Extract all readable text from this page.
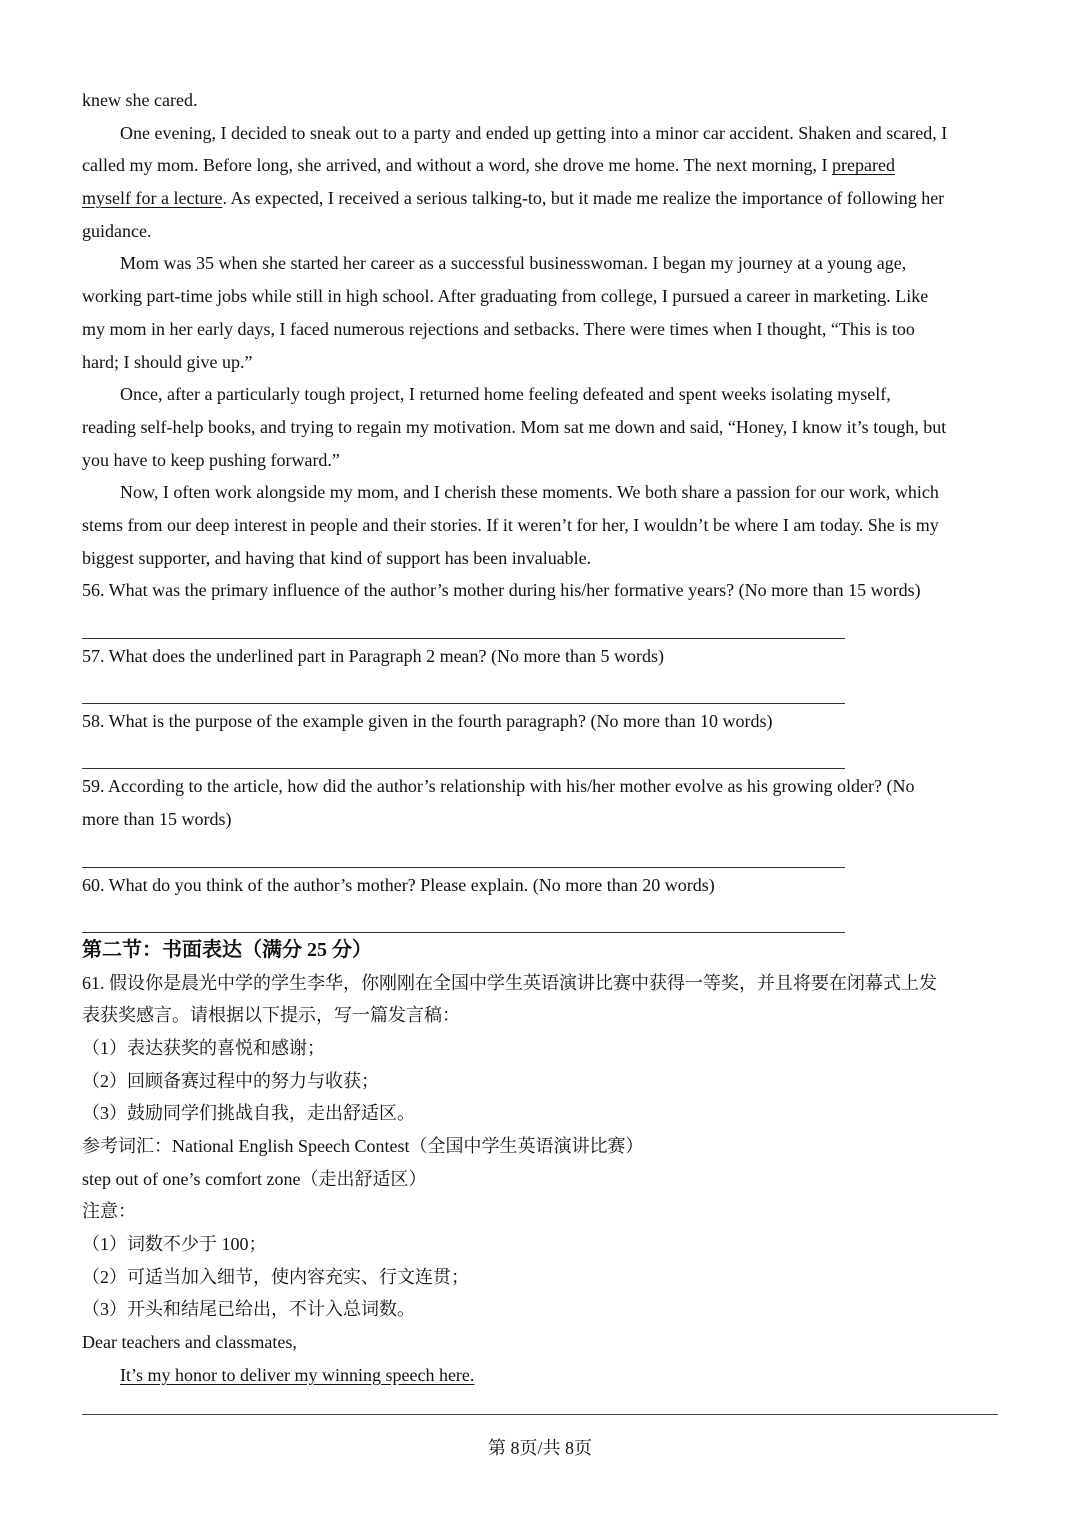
knew she cared.
One evening, I decided to sneak out to a party and ended up getting into a minor car accident. Shaken and scared, I
called my mom. Before long, she arrived, and without a word, she drove me home. The next morning, I prepared
myself for a lecture. As expected, I received a serious talking-to, but it made me realize the importance of following her
guidance.
Mom was 35 when she started her career as a successful businesswoman. I began my journey at a young age,
working part-time jobs while still in high school. After graduating from college, I pursued a career in marketing. Like
my mom in her early days, I faced numerous rejections and setbacks. There were times when I thought, “This is too
hard; I should give up.”
Once, after a particularly tough project, I returned home feeling defeated and spent weeks isolating myself,
reading self-help books, and trying to regain my motivation. Mom sat me down and said, “Honey, I know it’s tough, but
you have to keep pushing forward.”
Now, I often work alongside my mom, and I cherish these moments. We both share a passion for our work, which
stems from our deep interest in people and their stories. If it weren’t for her, I wouldn’t be where I am today. She is my
biggest supporter, and having that kind of support has been invaluable.
56. What was the primary influence of the author’s mother during his/her formative years? (No more than 15 words)
57. What does the underlined part in Paragraph 2 mean? (No more than 5 words)
58. What is the purpose of the example given in the fourth paragraph? (No more than 10 words)
59. According to the article, how did the author’s relationship with his/her mother evolve as his growing older? (No
more than 15 words)
60. What do you think of the author’s mother? Please explain. (No more than 20 words)
第二节：书面表达（满分 25 分）
61. 假设你是晨光中学的学生李华，你刚刚在全国中学生英语演讲比赛中获得一等奖，并且将要在闭幕式上发
表获奖感言。请根据以下提示，写一篇发言稿：
（1）表达获奖的喜悦和感谢；
（2）回顾备赛过程中的努力与收获；
（3）鼓励同学们挑战自我，走出舒适区。
参考词汇：National English Speech Contest（全国中学生英语演讲比赛）
step out of one’s comfort zone（走出舒适区）
注意：
（1）词数不少于 100；
（2）可适当加入细节，使内容充实、行文连贯；
（3）开头和结尾已给出，不计入总词数。
Dear teachers and classmates,
It’s my honor to deliver my winning speech here.
第 8页/共 8页
